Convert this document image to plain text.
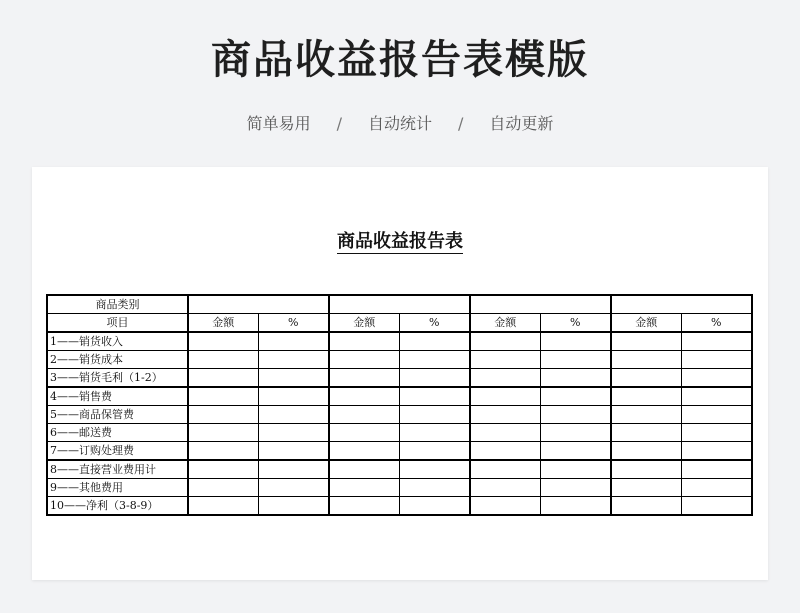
商品收益报告表模版
简单易用 / 自动统计 / 自动更新
商品收益报告表
商品类别								
项目	金额	%	金额	%	金额	%	金额	%
1——销货收入								
2——销货成本								
3——销货毛利（1-2）								
4——销售费								
5——商品保管费								
6——邮送费								
7——订购处理费								
8——直接营业费用计								
9——其他费用								
10——净利（3-8-9）								
